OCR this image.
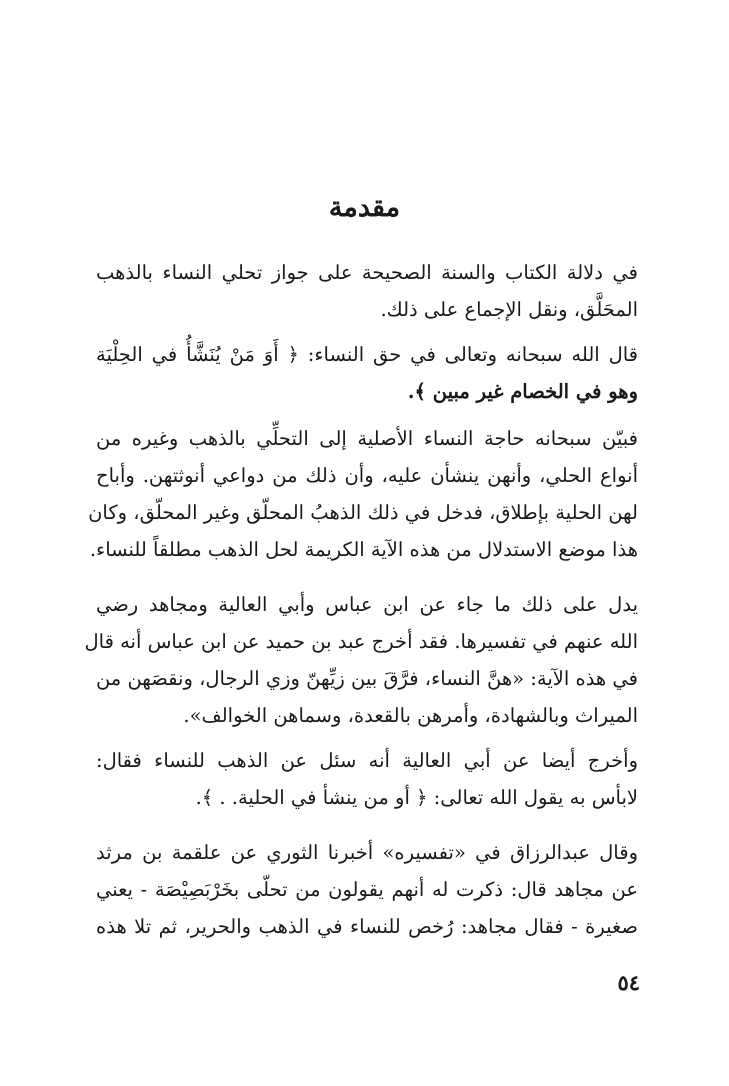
مقدمة

في دلالة الكتاب والسنة الصحيحة على جواز تحلي النساء بالذهب
المحَلَّق، ونقل الإجماع على ذلك.

قال الله سبحانه وتعالى في حق النساء: ﴿ أَوَ مَنْ يُنَشَّأُ في الحِلْيَة
وهو في الخصام غير مبين ﴾.

فبيّن سبحانه حاجة النساء الأصلية إلى التحلِّي بالذهب وغيره من
أنواع الحلي، وأنهن ينشأن عليه، وأن ذلك من دواعي أنوثتهن. وأباح
لهن الحلية بإطلاق، فدخل في ذلك الذهبُ المحلّق وغير المحلّق، وكان
هذا موضع الاستدلال من هذه الآية الكريمة لحل الذهب مطلقاً للنساء.

يدل على ذلك ما جاء عن ابن عباس وأبي العالية ومجاهد رضي
الله عنهم في تفسيرها. فقد أخرج عبد بن حميد عن ابن عباس أنه قال
في هذه الآية: «هنَّ النساء، فرَّقَ بين زيِّهنّ وزي الرجال، ونقصَهن من
الميراث وبالشهادة، وأمرهن بالقعدة، وسماهن الخوالف».

وأخرج أيضا عن أبي العالية أنه سئل عن الذهب للنساء فقال:
لابأس به يقول الله تعالى: ﴿ أو من ينشأ في الحلية. . ﴾.

وقال عبدالرزاق في «تفسيره» أخبرنا الثوري عن علقمة بن مرثد
عن مجاهد قال: ذكرت له أنهم يقولون من تحلّى بخَرْبَصِيْصَة - يعني
صغيرة - فقال مجاهد: رُخص للنساء في الذهب والحرير، ثم تلا هذه

٥٤
